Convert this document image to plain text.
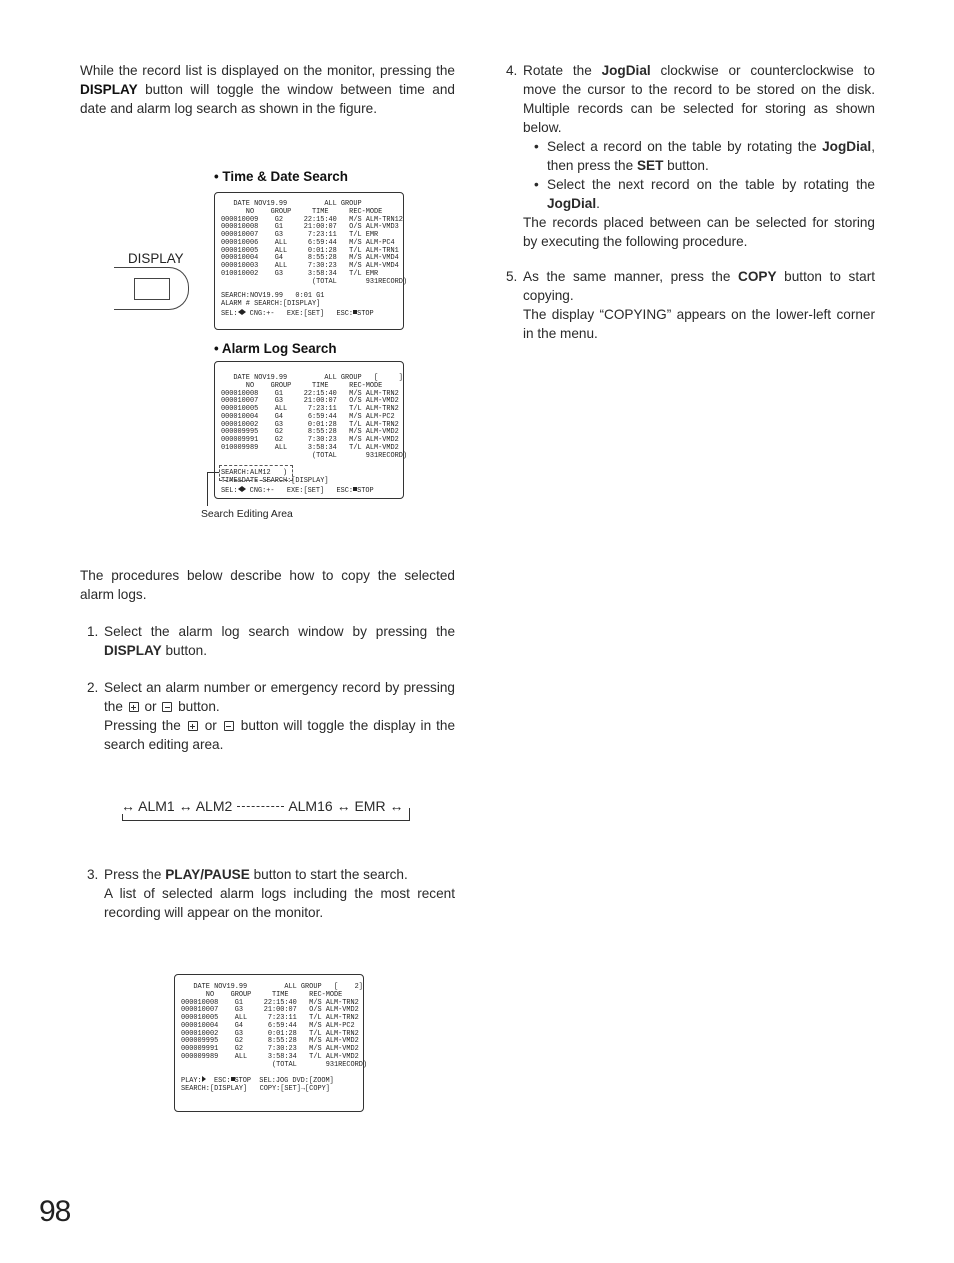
While the record list is displayed on the monitor, pressing the DISPLAY button will toggle the window between time and date and alarm log search as shown in the figure.

• Time & Date Search
DISPLAY
DATE NOV19.99         ALL GROUP
NO    GROUP     TIME     REC-MODE
000010009    G2     22:15:40   M/S ALM-TRN12
000010008    G1     21:00:07   O/S ALM-VMD3
000010007    G3      7:23:11   T/L EMR
000010006    ALL     6:59:44   M/S ALM-PC4
000010005    ALL     0:01:28   T/L ALM-TRN1
000010004    G4      8:55:28   M/S ALM-VMD4
000010003    ALL     7:30:23   M/S ALM-VMD4
010010002    G3      3:58:34   T/L EMR
(TOTAL       931RECORD)
SEARCH:NOV19.99   0:01 G1
ALARM # SEARCH:[DISPLAY]
SEL: CNG:+-   EXE:[SET]   ESC: STOP
• Alarm Log Search
DATE NOV19.99         ALL GROUP   [     ]
NO    GROUP     TIME     REC-MODE
000010008    G1     22:15:40   M/S ALM-TRN2
000010007    G3     21:00:07   O/S ALM-VMD2
000010005    ALL     7:23:11   T/L ALM-TRN2
000010004    G4      6:59:44   M/S ALM-PC2
000010002    G3      0:01:28   T/L ALM-TRN2
000009995    G2      8:55:28   M/S ALM-VMD2
000009991    G2      7:30:23   M/S ALM-VMD2
010009989    ALL     3:58:34   T/L ALM-VMD2
(TOTAL       931RECORD)
SEARCH:ALM12   )
TIME&DATE SEARCH:[DISPLAY]
SEL: CNG:+-   EXE:[SET]   ESC: STOP
Search Editing Area

The procedures below describe how to copy the selected alarm logs.

1. Select the alarm log search window by pressing the DISPLAY button.
2. Select an alarm number or emergency record by pressing the  or  button.
Pressing the  or  button will toggle the display in the search editing area.
↔ ALM1 ↔ ALM2	ALM16 ↔ EMR ↔
3. Press the PLAY/PAUSE button to start the search.
A list of selected alarm logs including the most recent recording will appear on the monitor.
DATE NOV19.99         ALL GROUP   [    2]
NO    GROUP     TIME     REC-MODE
000010008    G1     22:15:40   M/S ALM-TRN2
000010007    G3     21:00:07   O/S ALM-VMD2
000010005    ALL     7:23:11   T/L ALM-TRN2
000010004    G4      6:59:44   M/S ALM-PC2
000010002    G3      0:01:28   T/L ALM-TRN2
000009995    G2      8:55:28   M/S ALM-VMD2
000009991    G2      7:30:23   M/S ALM-VMD2
000009989    ALL     3:58:34   T/L ALM-VMD2
(TOTAL       931RECORD)
PLAY:  ESC: STOP  SEL:JOG DVD:[ZOOM]
SEARCH:[DISPLAY]   COPY:[SET]→[COPY]
4. Rotate the JogDial clockwise or counterclockwise to move the cursor to the record to be stored on the disk. Multiple records can be selected for storing as shown below.
• Select a record on the table by rotating the JogDial, then press the SET button.
• Select the next record on the table by rotating the JogDial.
The records placed between can be selected for storing by executing the following procedure.
5. As the same manner, press the COPY button to start copying.
The display “COPYING” appears on the lower-left corner in the menu.
98
